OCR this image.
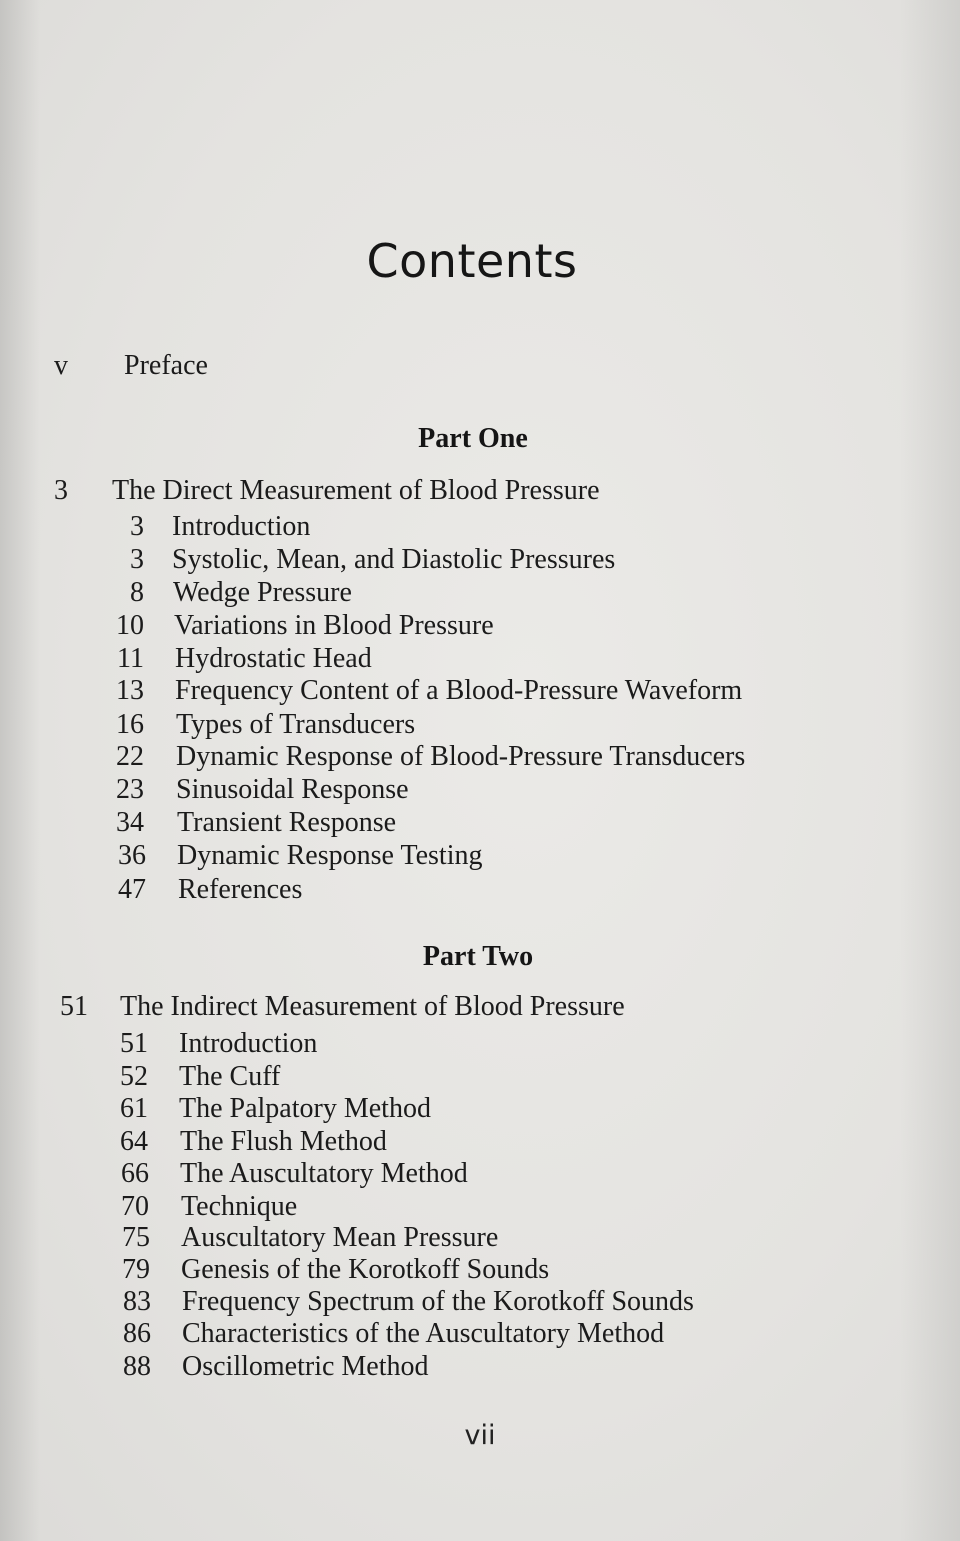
Contents
v Preface
Part One
3 The Direct Measurement of Blood Pressure
3 Introduction
3 Systolic, Mean, and Diastolic Pressures
8 Wedge Pressure
10 Variations in Blood Pressure
11 Hydrostatic Head
13 Frequency Content of a Blood-Pressure Waveform
16 Types of Transducers
22 Dynamic Response of Blood-Pressure Transducers
23 Sinusoidal Response
34 Transient Response
36 Dynamic Response Testing
47 References
Part Two
51 The Indirect Measurement of Blood Pressure
51 Introduction
52 The Cuff
61 The Palpatory Method
64 The Flush Method
66 The Auscultatory Method
70 Technique
75 Auscultatory Mean Pressure
79 Genesis of the Korotkoff Sounds
83 Frequency Spectrum of the Korotkoff Sounds
86 Characteristics of the Auscultatory Method
88 Oscillometric Method
vii
